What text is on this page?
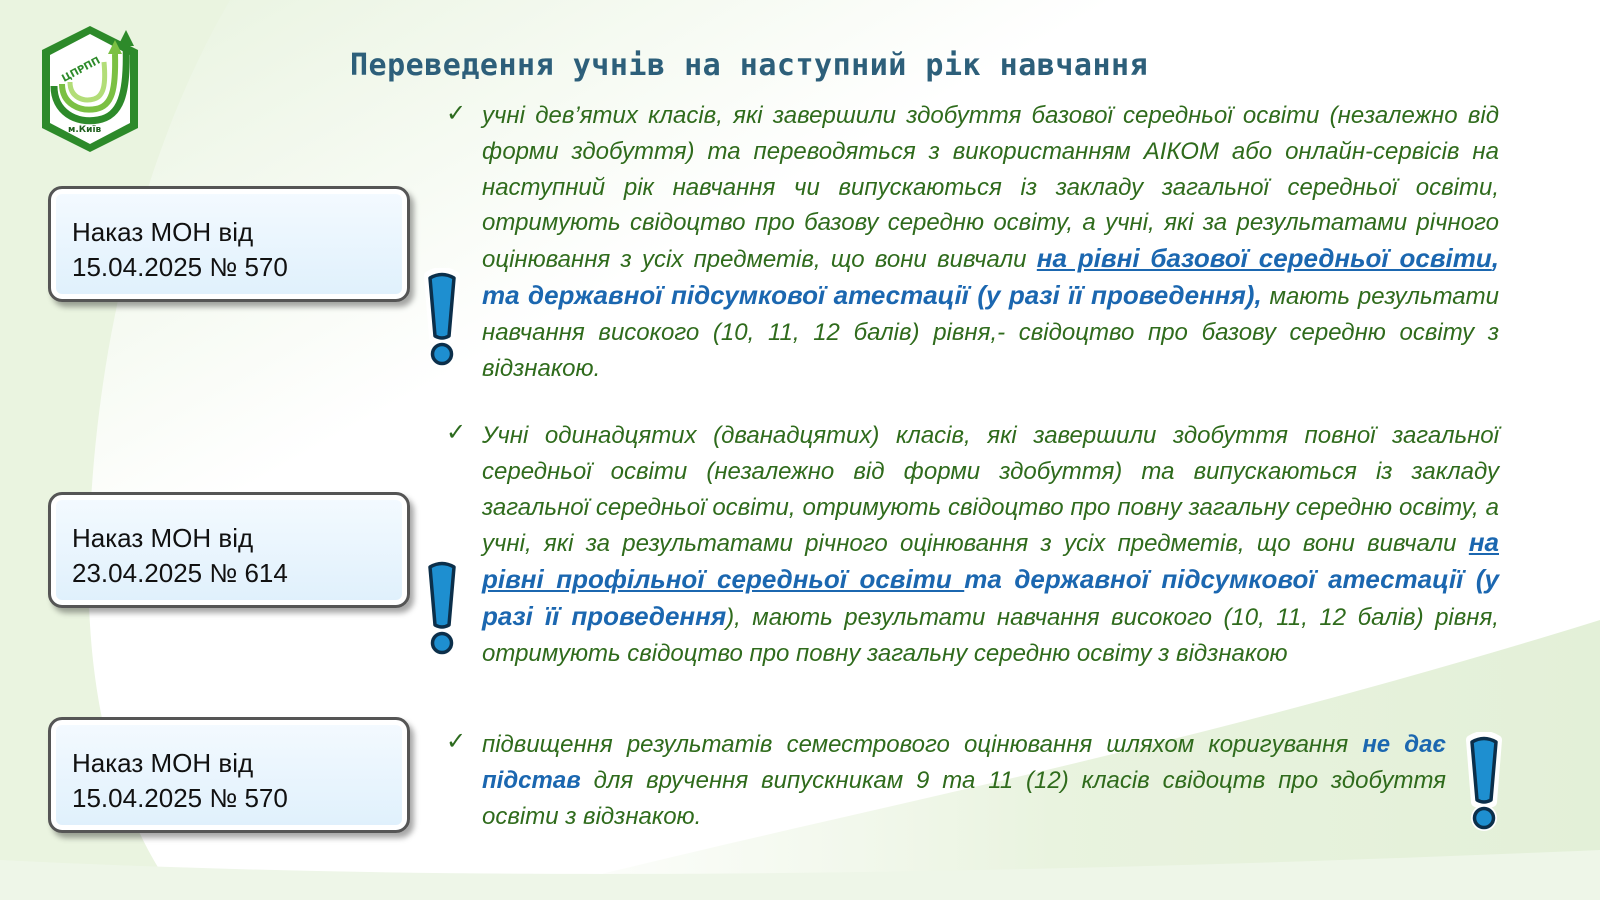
ЦПРПП
м.Київ
Переведення учнів на наступний рік навчання
Наказ МОН від
15.04.2025 № 570
Наказ МОН від
23.04.2025 № 614
Наказ МОН від
15.04.2025 № 570
✓ учні дев’ятих класів, які завершили здобуття базової середньої освіти (незалежно від форми здобуття) та переводяться з використанням АІКОМ або онлайн-сервісів на наступний рік навчання чи випускаються із закладу загальної середньої освіти, отримують свідоцтво про базову середню освіту, а учні, які за результатами річного оцінювання з усіх предметів, що вони вивчали на рівні базової середньої освіти, та державної підсумкової атестації (у разі її проведення), мають результати навчання високого (10, 11, 12 балів) рівня,- свідоцтво про базову середню освіту з відзнакою.

✓ Учні одинадцятих (дванадцятих) класів, які завершили здобуття повної загальної середньої освіти (незалежно від форми здобуття) та випускаються із закладу загальної середньої освіти, отримують свідоцтво про повну загальну середню освіту, а учні, які за результатами річного оцінювання з усіх предметів, що вони вивчали на рівні профільної середньої освіти та державної підсумкової атестації (у разі її проведення), мають результати навчання високого (10, 11, 12 балів) рівня, отримують свідоцтво про повну загальну середню освіту з відзнакою

✓ підвищення результатів семестрового оцінювання шляхом коригування не дає підстав для вручення випускникам 9 та 11 (12) класів свідоцтв про здобуття освіти з відзнакою.
